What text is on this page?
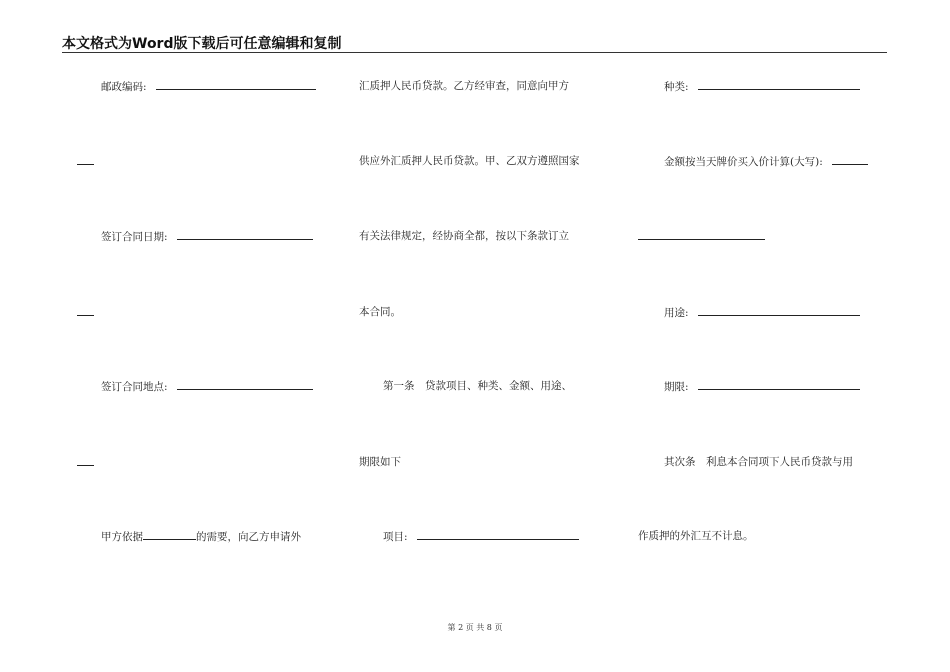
本文格式为Word版下载后可任意编辑和复制
邮政编码:
签订合同日期:
签订合同地点:
甲方依据	的需要，向乙方申请外
汇质押人民币贷款。乙方经审查，同意向甲方
供应外汇质押人民币贷款。甲、乙双方遵照国家
有关法律规定，经协商全都，按以下条款订立
本合同。
第一条　贷款项目、种类、金额、用途、
期限如下
项目:
种类:
金额按当天牌价买入价计算(大写):
用途:
期限:
其次条　利息本合同项下人民币贷款与用
作质押的外汇互不计息。
第 2 页 共 8 页
